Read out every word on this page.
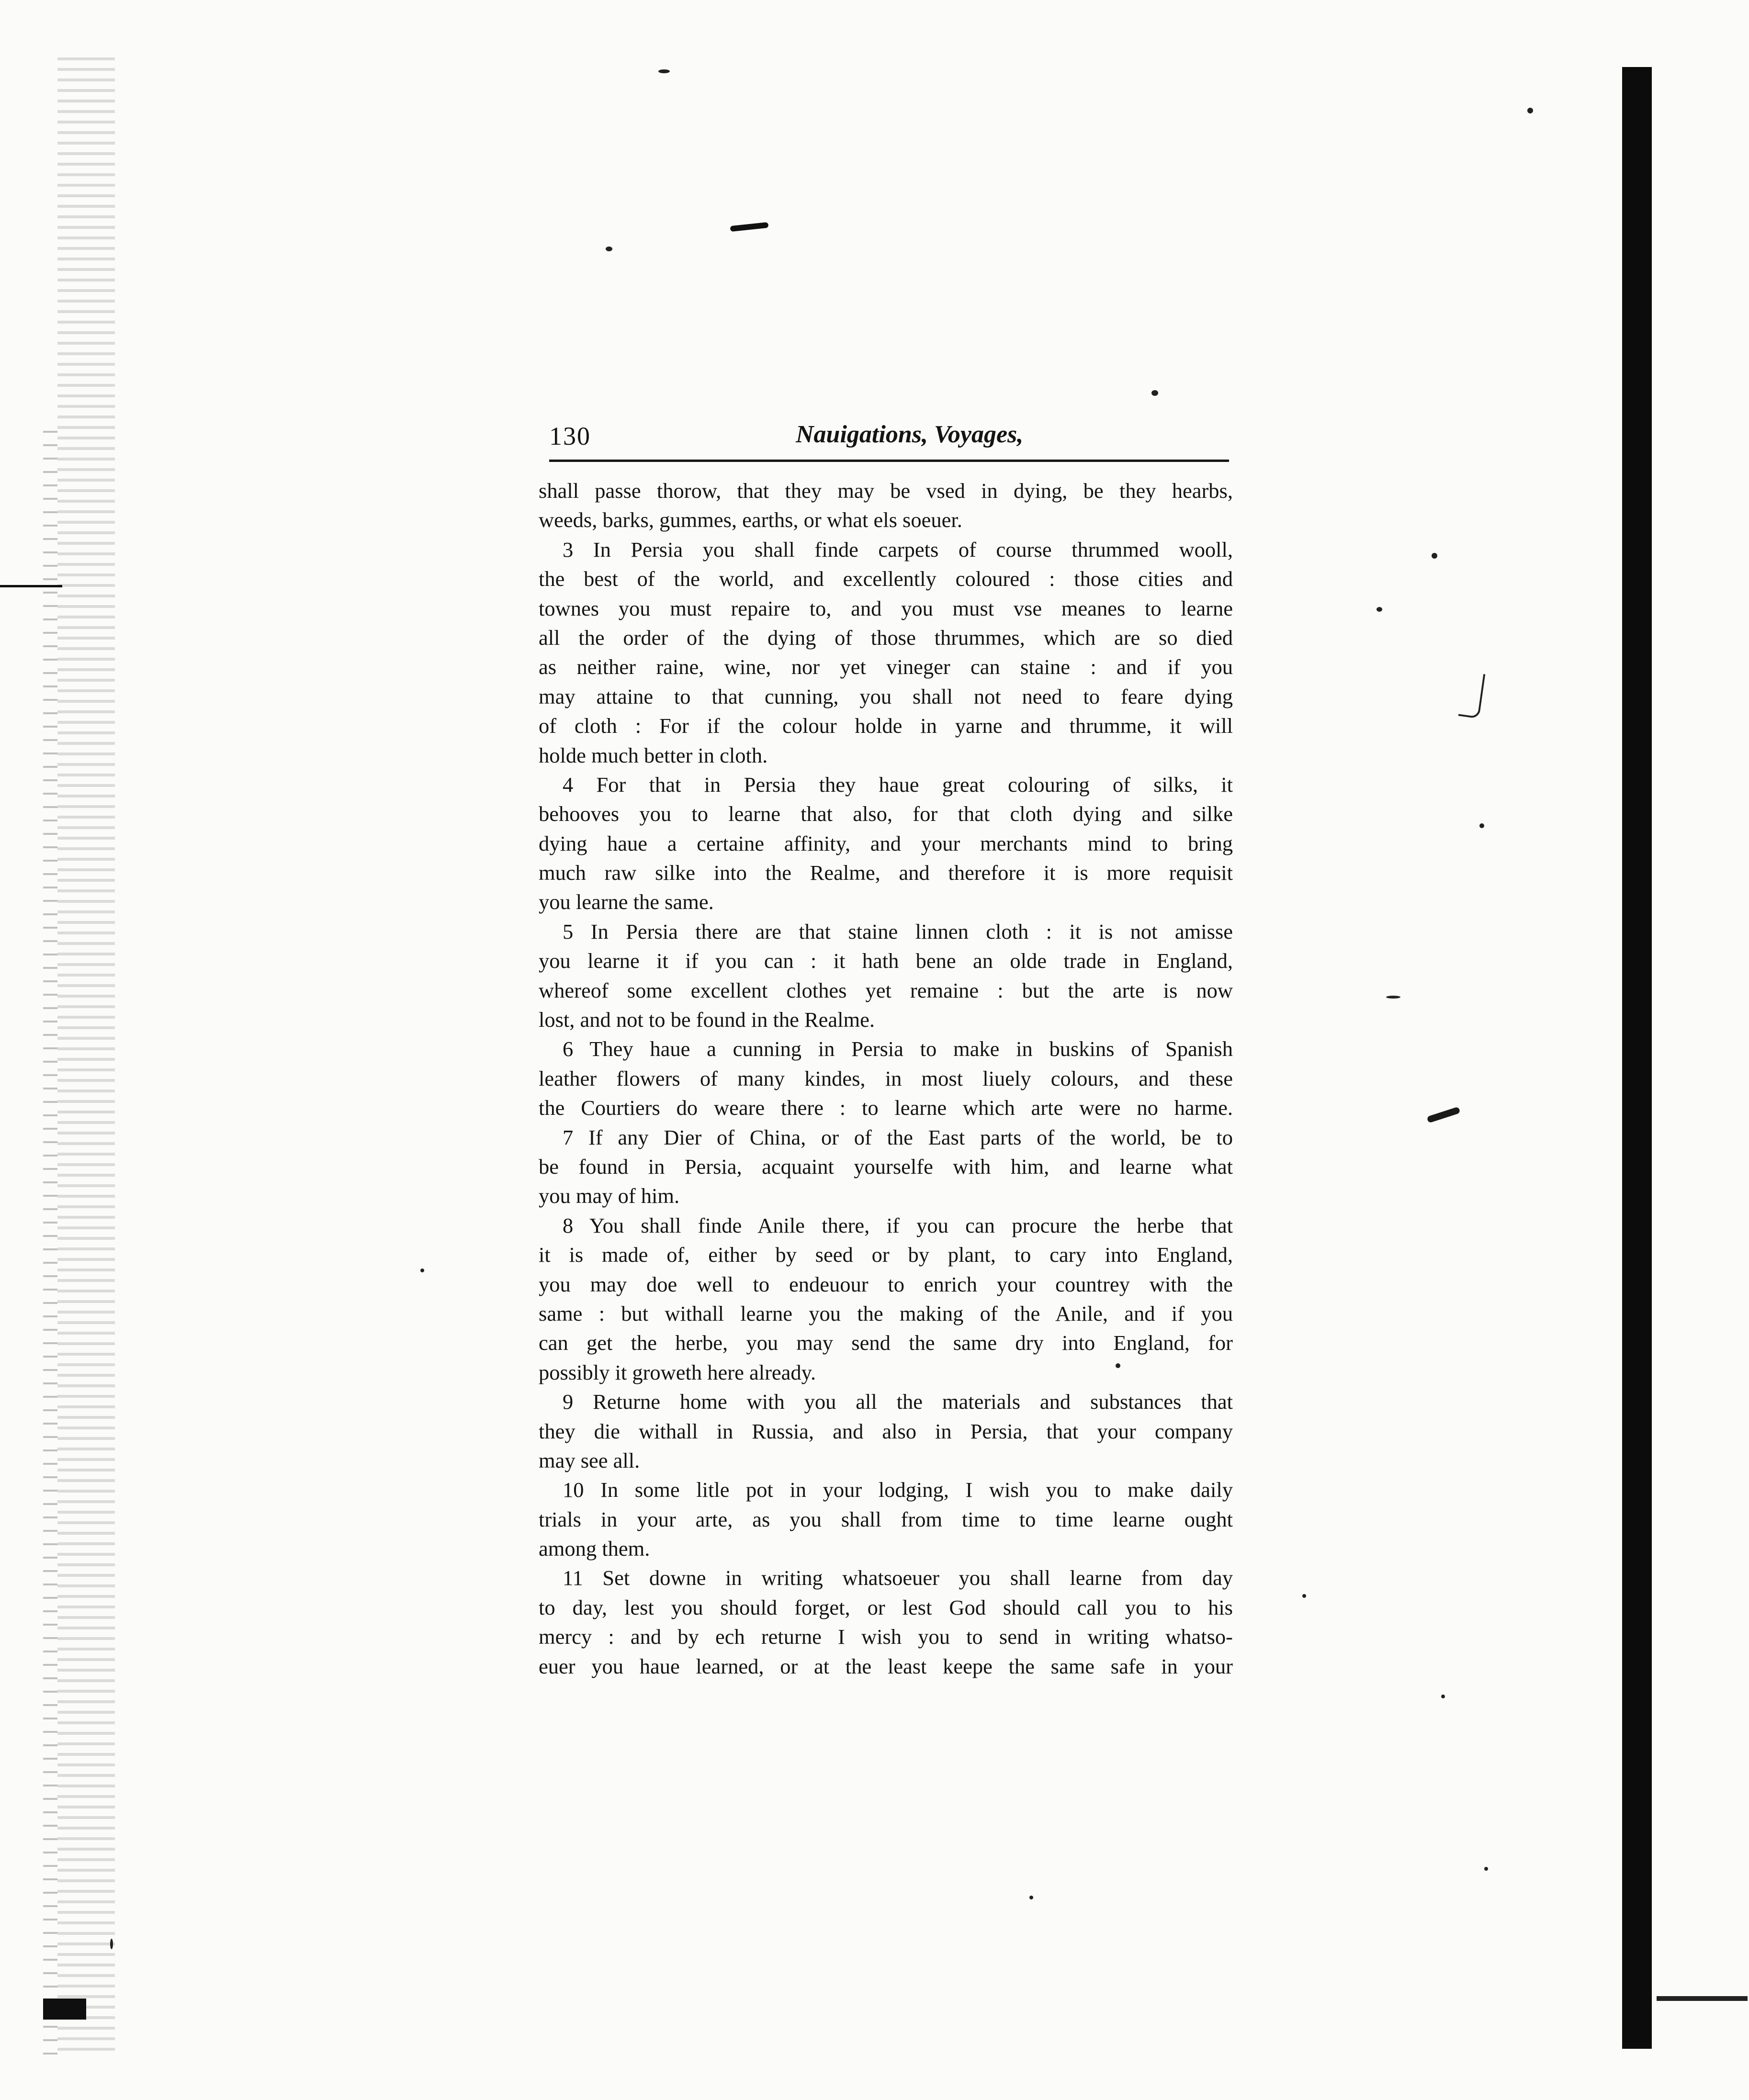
130	Nauigations, Voyages,
shall passe thorow, that they may be vsed in dying, be they hearbs,
weeds, barks, gummes, earths, or what els soeuer.
3 In Persia you shall finde carpets of course thrummed wooll,
the best of the world, and excellently coloured : those cities and
townes you must repaire to, and you must vse meanes to learne
all the order of the dying of those thrummes, which are so died
as neither raine, wine, nor yet vineger can staine : and if you
may attaine to that cunning, you shall not need to feare dying
of cloth : For if the colour holde in yarne and thrumme, it will
holde much better in cloth.
4 For that in Persia they haue great colouring of silks, it
behooves you to learne that also, for that cloth dying and silke
dying haue a certaine affinity, and your merchants mind to bring
much raw silke into the Realme, and therefore it is more requisit
you learne the same.
5 In Persia there are that staine linnen cloth : it is not amisse
you learne it if you can : it hath bene an olde trade in England,
whereof some excellent clothes yet remaine : but the arte is now
lost, and not to be found in the Realme.
6 They haue a cunning in Persia to make in buskins of Spanish
leather flowers of many kindes, in most liuely colours, and these
the Courtiers do weare there : to learne which arte were no harme.
7 If any Dier of China, or of the East parts of the world, be to
be found in Persia, acquaint yourselfe with him, and learne what
you may of him.
8 You shall finde Anile there, if you can procure the herbe that
it is made of, either by seed or by plant, to cary into England,
you may doe well to endeuour to enrich your countrey with the
same : but withall learne you the making of the Anile, and if you
can get the herbe, you may send the same dry into England, for
possibly it groweth here already.
9 Returne home with you all the materials and substances that
they die withall in Russia, and also in Persia, that your company
may see all.
10 In some litle pot in your lodging, I wish you to make daily
trials in your arte, as you shall from time to time learne ought
among them.
11 Set downe in writing whatsoeuer you shall learne from day
to day, lest you should forget, or lest God should call you to his
mercy : and by ech returne I wish you to send in writing whatso-
euer you haue learned, or at the least keepe the same safe in your
